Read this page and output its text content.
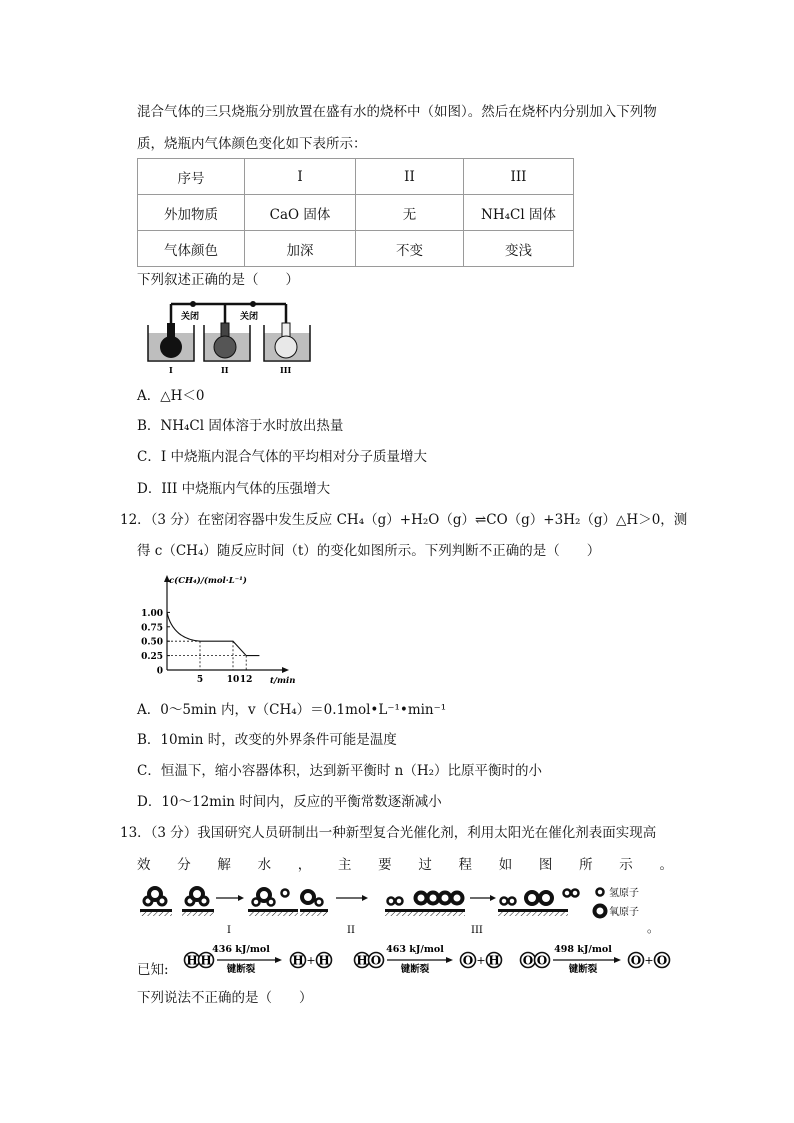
混合气体的三只烧瓶分别放置在盛有水的烧杯中（如图）。然后在烧杯内分别加入下列物
质，烧瓶内气体颜色变化如下表所示：
序号	I	II	III
外加物质	CaO 固体	无	NH₄Cl 固体
气体颜色	加深	不变	变浅
下列叙述正确的是（　　）
关闭	关闭
I	II	III
A．△H＜0
B．NH₄Cl 固体溶于水时放出热量
C．I 中烧瓶内混合气体的平均相对分子质量增大
D．III 中烧瓶内气体的压强增大
12．（3 分）在密闭容器中发生反应 CH₄（g）+H₂O（g）⇌CO（g）+3H₂（g）△H＞0，测
得 c（CH₄）随反应时间（t）的变化如图所示。下列判断不正确的是（　　）
c(CH₄)/(mol·L⁻¹)
t/min
1.00
0.75
0.50
0.25
0
5	10 12
A．0～5min 内，v（CH₄）＝0.1mol•L⁻¹•min⁻¹
B．10min 时，改变的外界条件可能是温度
C．恒温下，缩小容器体积，达到新平衡时 n（H₂）比原平衡时的小
D．10～12min 时间内，反应的平衡常数逐渐减小
13．（3 分）我国研究人员研制出一种新型复合光催化剂，利用太阳光在催化剂表面实现高
效 分 解 水 ， 主 要 过 程 如 图 所 示 。
I	II	III
氢原子
氧原子
。
已知:
H H
436 kJ/mol
键断裂
H + H H O
463 kJ/mol
键断裂
O + H O O
498 kJ/mol
键断裂
O + O
下列说法不正确的是（　　）
